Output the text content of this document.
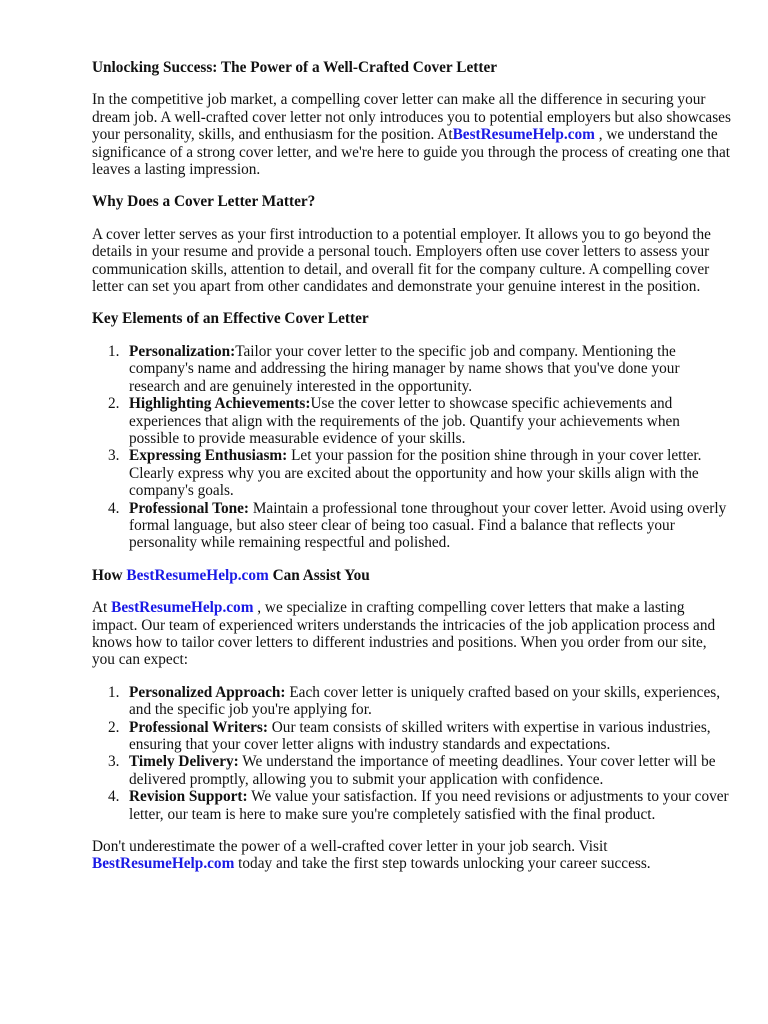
Unlocking Success: The Power of a Well-Crafted Cover Letter

In the competitive job market, a compelling cover letter can make all the difference in securing your dream job. A well-crafted cover letter not only introduces you to potential employers but also showcases your personality, skills, and enthusiasm for the position. AtBestResumeHelp.com , we understand the significance of a strong cover letter, and we're here to guide you through the process of creating one that leaves a lasting impression.

Why Does a Cover Letter Matter?

A cover letter serves as your first introduction to a potential employer. It allows you to go beyond the details in your resume and provide a personal touch. Employers often use cover letters to assess your communication skills, attention to detail, and overall fit for the company culture. A compelling cover letter can set you apart from other candidates and demonstrate your genuine interest in the position.

Key Elements of an Effective Cover Letter

1. Personalization:Tailor your cover letter to the specific job and company. Mentioning the company's name and addressing the hiring manager by name shows that you've done your research and are genuinely interested in the opportunity.
2. Highlighting Achievements:Use the cover letter to showcase specific achievements and experiences that align with the requirements of the job. Quantify your achievements when possible to provide measurable evidence of your skills.
3. Expressing Enthusiasm: Let your passion for the position shine through in your cover letter. Clearly express why you are excited about the opportunity and how your skills align with the company's goals.
4. Professional Tone: Maintain a professional tone throughout your cover letter. Avoid using overly formal language, but also steer clear of being too casual. Find a balance that reflects your personality while remaining respectful and polished.

How BestResumeHelp.com Can Assist You

At BestResumeHelp.com , we specialize in crafting compelling cover letters that make a lasting impact. Our team of experienced writers understands the intricacies of the job application process and knows how to tailor cover letters to different industries and positions. When you order from our site, you can expect:

1. Personalized Approach: Each cover letter is uniquely crafted based on your skills, experiences, and the specific job you're applying for.
2. Professional Writers: Our team consists of skilled writers with expertise in various industries, ensuring that your cover letter aligns with industry standards and expectations.
3. Timely Delivery: We understand the importance of meeting deadlines. Your cover letter will be delivered promptly, allowing you to submit your application with confidence.
4. Revision Support: We value your satisfaction. If you need revisions or adjustments to your cover letter, our team is here to make sure you're completely satisfied with the final product.

Don't underestimate the power of a well-crafted cover letter in your job search. Visit BestResumeHelp.com today and take the first step towards unlocking your career success.
